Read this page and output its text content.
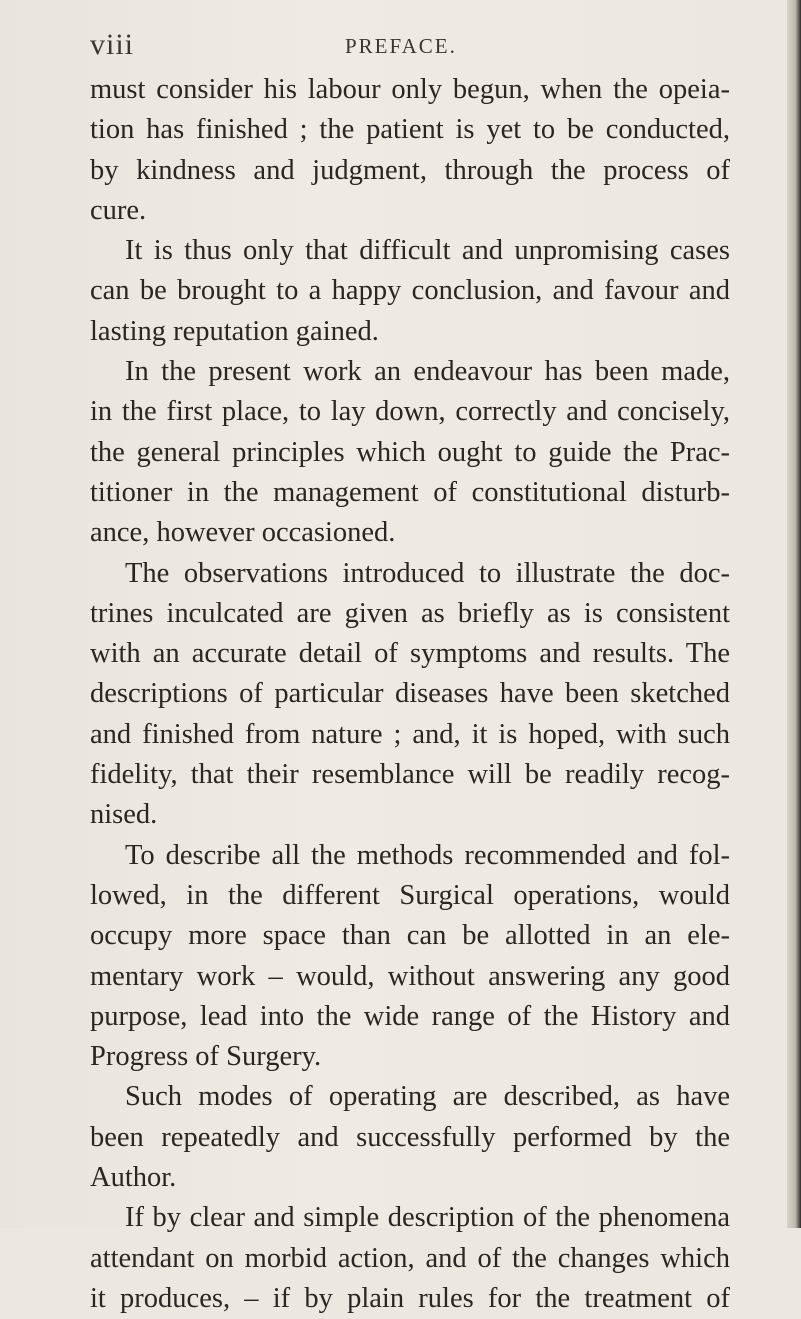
viii	PREFACE.
must consider his labour only begun, when the opeia-
tion has finished ; the patient is yet to be conducted,
by kindness and judgment, through the process of
cure.
It is thus only that difficult and unpromising cases
can be brought to a happy conclusion, and favour and
lasting reputation gained.
In the present work an endeavour has been made,
in the first place, to lay down, correctly and concisely,
the general principles which ought to guide the Prac-
titioner in the management of constitutional disturb-
ance, however occasioned.
The observations introduced to illustrate the doc-
trines inculcated are given as briefly as is consistent
with an accurate detail of symptoms and results. The
descriptions of particular diseases have been sketched
and finished from nature ; and, it is hoped, with such
fidelity, that their resemblance will be readily recog-
nised.
To describe all the methods recommended and fol-
lowed, in the different Surgical operations, would
occupy more space than can be allotted in an ele-
mentary work – would, without answering any good
purpose, lead into the wide range of the History and
Progress of Surgery.
Such modes of operating are described, as have
been repeatedly and successfully performed by the
Author.
If by clear and simple description of the phenomena
attendant on morbid action, and of the changes which
it produces, – if by plain rules for the treatment of
